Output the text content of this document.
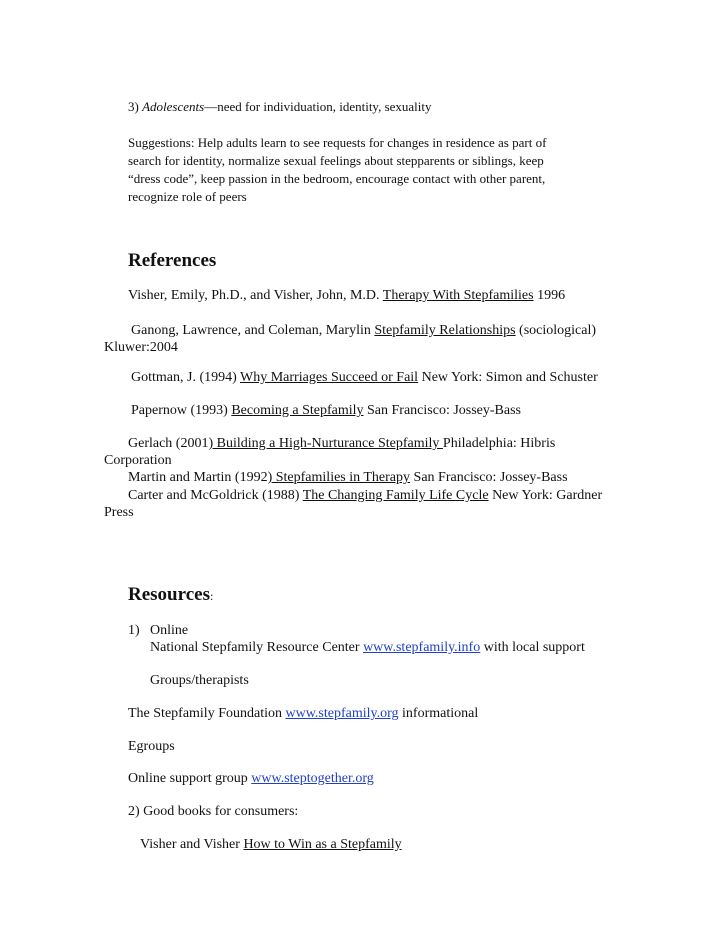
3) Adolescents—need for individuation, identity, sexuality
Suggestions: Help adults learn to see requests for changes in residence as part of
search for identity, normalize sexual feelings about stepparents or siblings, keep
“dress code”, keep passion in the bedroom, encourage contact with other parent,
recognize role of peers
References
Visher, Emily, Ph.D., and Visher, John, M.D. Therapy With Stepfamilies 1996
Ganong, Lawrence, and Coleman, Marylin Stepfamily Relationships (sociological)
Kluwer:2004
Gottman, J. (1994) Why Marriages Succeed or Fail New York: Simon and Schuster
Papernow (1993) Becoming a Stepfamily San Francisco: Jossey-Bass
Gerlach (2001) Building a High-Nurturance Stepfamily Philadelphia: Hibris
Corporation
Martin and Martin (1992) Stepfamilies in Therapy San Francisco: Jossey-Bass
Carter and McGoldrick (1988) The Changing Family Life Cycle New York: Gardner
Press
Resources:
1) Online
National Stepfamily Resource Center www.stepfamily.info with local support
Groups/therapists
The Stepfamily Foundation www.stepfamily.org informational
Egroups
Online support group www.steptogether.org
2) Good books for consumers:
Visher and Visher How to Win as a Stepfamily
